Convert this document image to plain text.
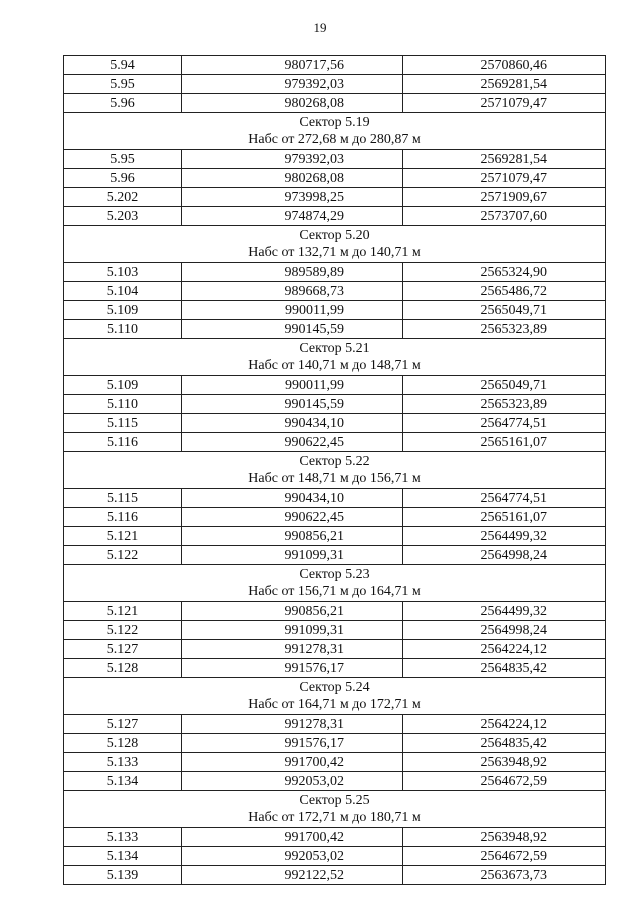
19
5.94	980717,56	2570860,46
5.95	979392,03	2569281,54
5.96	980268,08	2571079,47

Сектор 5.19
Набс от 272,68 м до 280,87 м		

5.95	979392,03	2569281,54
5.96	980268,08	2571079,47
5.202	973998,25	2571909,67
5.203	974874,29	2573707,60

Сектор 5.20
Набс от 132,71 м до 140,71 м		

5.103	989589,89	2565324,90
5.104	989668,73	2565486,72
5.109	990011,99	2565049,71
5.110	990145,59	2565323,89

Сектор 5.21
Набс от 140,71 м до 148,71 м		

5.109	990011,99	2565049,71
5.110	990145,59	2565323,89
5.115	990434,10	2564774,51
5.116	990622,45	2565161,07

Сектор 5.22
Набс от 148,71 м до 156,71 м		

5.115	990434,10	2564774,51
5.116	990622,45	2565161,07
5.121	990856,21	2564499,32
5.122	991099,31	2564998,24

Сектор 5.23
Набс от 156,71 м до 164,71 м		

5.121	990856,21	2564499,32
5.122	991099,31	2564998,24
5.127	991278,31	2564224,12
5.128	991576,17	2564835,42

Сектор 5.24
Набс от 164,71 м до 172,71 м		

5.127	991278,31	2564224,12
5.128	991576,17	2564835,42
5.133	991700,42	2563948,92
5.134	992053,02	2564672,59

Сектор 5.25
Набс от 172,71 м до 180,71 м		

5.133	991700,42	2563948,92
5.134	992053,02	2564672,59
5.139	992122,52	2563673,73
